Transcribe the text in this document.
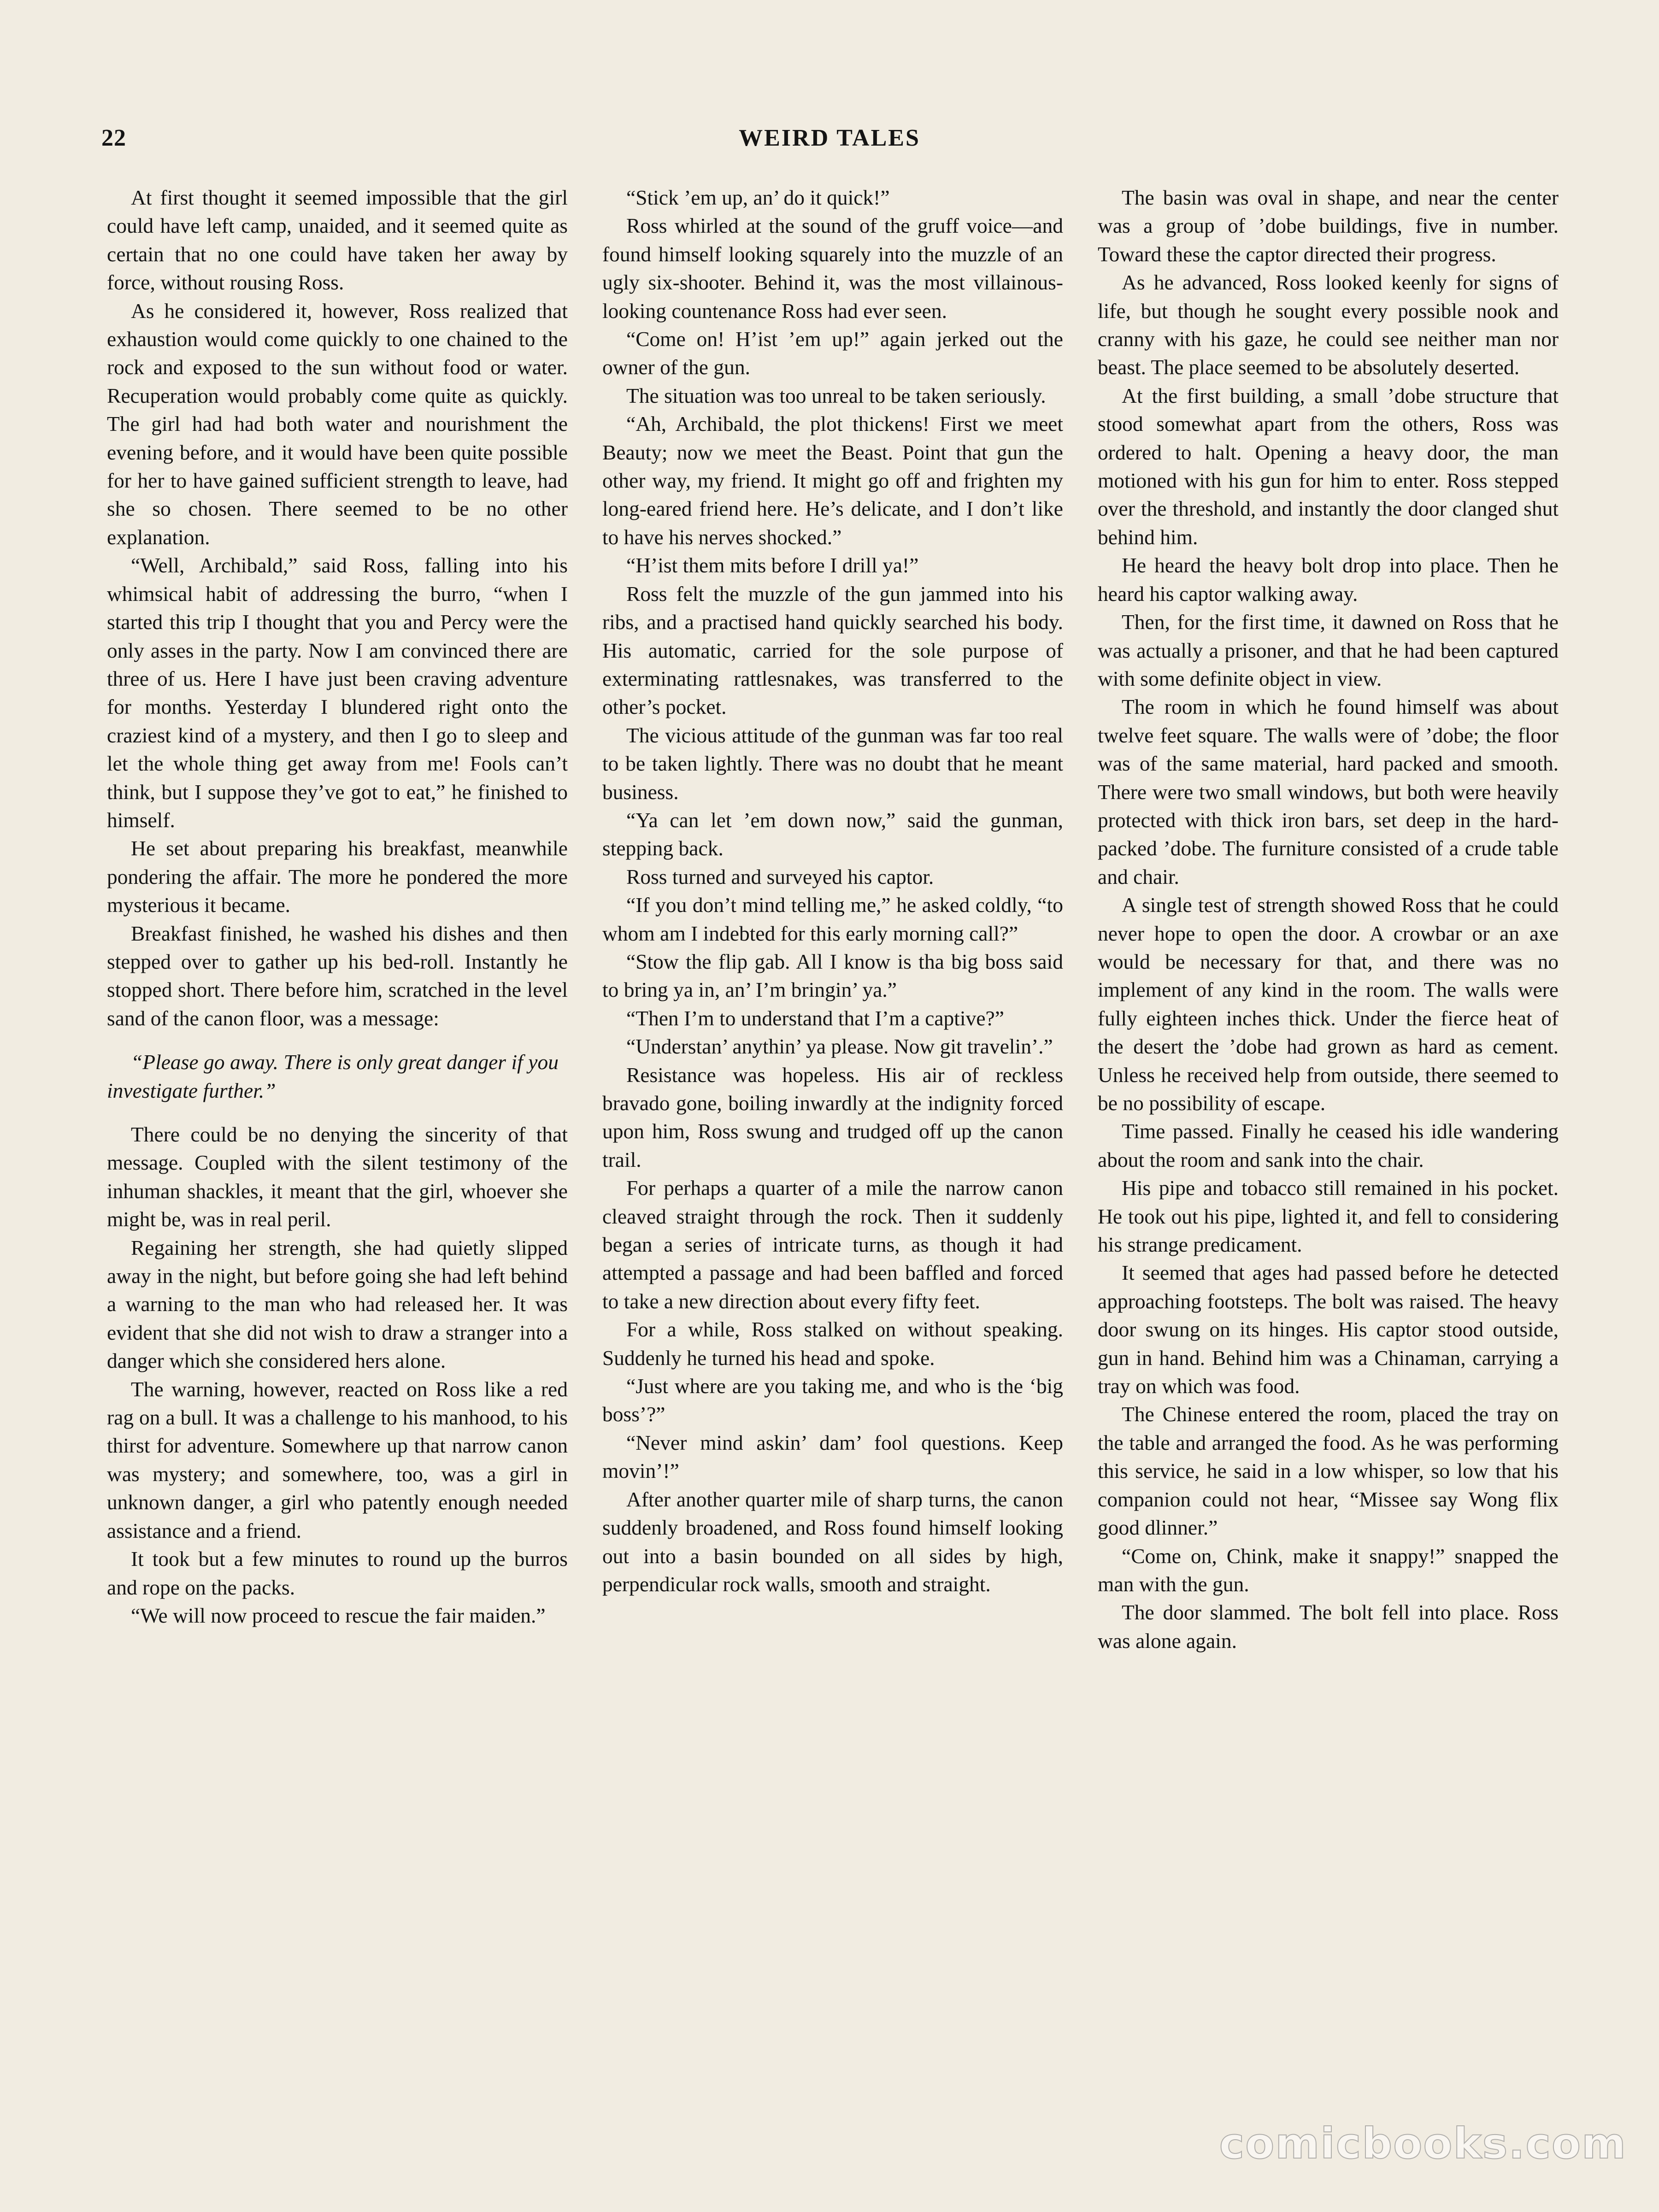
22	WEIRD TALES

At first thought it seemed impossible that the girl could have left camp, unaided, and it seemed quite as certain that no one could have taken her away by force, without rousing Ross.

As he considered it, however, Ross realized that exhaustion would come quickly to one chained to the rock and exposed to the sun without food or water. Recuperation would probably come quite as quickly. The girl had had both water and nourishment the evening before, and it would have been quite possible for her to have gained sufficient strength to leave, had she so chosen. There seemed to be no other explanation.

“Well, Archibald,” said Ross, falling into his whimsical habit of addressing the burro, “when I started this trip I thought that you and Percy were the only asses in the party. Now I am convinced there are three of us. Here I have just been craving adventure for months. Yesterday I blundered right onto the craziest kind of a mystery, and then I go to sleep and let the whole thing get away from me! Fools can’t think, but I suppose they’ve got to eat,” he finished to himself.

He set about preparing his breakfast, meanwhile pondering the affair. The more he pondered the more mysterious it became.

Breakfast finished, he washed his dishes and then stepped over to gather up his bed-roll. Instantly he stopped short. There before him, scratched in the level sand of the canon floor, was a message:

“Please go away. There is only great danger if you investigate further.”

There could be no denying the sincerity of that message. Coupled with the silent testimony of the inhuman shackles, it meant that the girl, whoever she might be, was in real peril.

Regaining her strength, she had quietly slipped away in the night, but before going she had left behind a warning to the man who had released her. It was evident that she did not wish to draw a stranger into a danger which she considered hers alone.

The warning, however, reacted on Ross like a red rag on a bull. It was a challenge to his manhood, to his thirst for adventure. Somewhere up that narrow canon was mystery; and somewhere, too, was a girl in unknown danger, a girl who patently enough needed assistance and a friend.

It took but a few minutes to round up the burros and rope on the packs.

“We will now proceed to rescue the fair maiden.”

“Stick ’em up, an’ do it quick!”

Ross whirled at the sound of the gruff voice—and found himself looking squarely into the muzzle of an ugly six-shooter. Behind it, was the most villainous-looking countenance Ross had ever seen.

“Come on! H’ist ’em up!” again jerked out the owner of the gun.

The situation was too unreal to be taken seriously.

“Ah, Archibald, the plot thickens! First we meet Beauty; now we meet the Beast. Point that gun the other way, my friend. It might go off and frighten my long-eared friend here. He’s delicate, and I don’t like to have his nerves shocked.”

“H’ist them mits before I drill ya!”

Ross felt the muzzle of the gun jammed into his ribs, and a practised hand quickly searched his body. His automatic, carried for the sole purpose of exterminating rattlesnakes, was transferred to the other’s pocket.

The vicious attitude of the gunman was far too real to be taken lightly. There was no doubt that he meant business.

“Ya can let ’em down now,” said the gunman, stepping back.

Ross turned and surveyed his captor.

“If you don’t mind telling me,” he asked coldly, “to whom am I indebted for this early morning call?”

“Stow the flip gab. All I know is tha big boss said to bring ya in, an’ I’m bringin’ ya.”

“Then I’m to understand that I’m a captive?”

“Understan’ anythin’ ya please. Now git travelin’.”

Resistance was hopeless. His air of reckless bravado gone, boiling inwardly at the indignity forced upon him, Ross swung and trudged off up the canon trail.

For perhaps a quarter of a mile the narrow canon cleaved straight through the rock. Then it suddenly began a series of intricate turns, as though it had attempted a passage and had been baffled and forced to take a new direction about every fifty feet.

For a while, Ross stalked on without speaking. Suddenly he turned his head and spoke.

“Just where are you taking me, and who is the ‘big boss’?”

“Never mind askin’ dam’ fool questions. Keep movin’!”

After another quarter mile of sharp turns, the canon suddenly broadened, and Ross found himself looking out into a basin bounded on all sides by high, perpendicular rock walls, smooth and straight.

The basin was oval in shape, and near the center was a group of ’dobe buildings, five in number. Toward these the captor directed their progress.

As he advanced, Ross looked keenly for signs of life, but though he sought every possible nook and cranny with his gaze, he could see neither man nor beast. The place seemed to be absolutely deserted.

At the first building, a small ’dobe structure that stood somewhat apart from the others, Ross was ordered to halt. Opening a heavy door, the man motioned with his gun for him to enter. Ross stepped over the threshold, and instantly the door clanged shut behind him.

He heard the heavy bolt drop into place. Then he heard his captor walking away.

Then, for the first time, it dawned on Ross that he was actually a prisoner, and that he had been captured with some definite object in view.

The room in which he found himself was about twelve feet square. The walls were of ’dobe; the floor was of the same material, hard packed and smooth. There were two small windows, but both were heavily protected with thick iron bars, set deep in the hard-packed ’dobe. The furniture consisted of a crude table and chair.

A single test of strength showed Ross that he could never hope to open the door. A crowbar or an axe would be necessary for that, and there was no implement of any kind in the room. The walls were fully eighteen inches thick. Under the fierce heat of the desert the ’dobe had grown as hard as cement. Unless he received help from outside, there seemed to be no possibility of escape.

Time passed. Finally he ceased his idle wandering about the room and sank into the chair.

His pipe and tobacco still remained in his pocket. He took out his pipe, lighted it, and fell to considering his strange predicament.

It seemed that ages had passed before he detected approaching footsteps. The bolt was raised. The heavy door swung on its hinges. His captor stood outside, gun in hand. Behind him was a Chinaman, carrying a tray on which was food.

The Chinese entered the room, placed the tray on the table and arranged the food. As he was performing this service, he said in a low whisper, so low that his companion could not hear, “Missee say Wong flix good dlinner.”

“Come on, Chink, make it snappy!” snapped the man with the gun.

The door slammed. The bolt fell into place. Ross was alone again.

comicbooks.com
